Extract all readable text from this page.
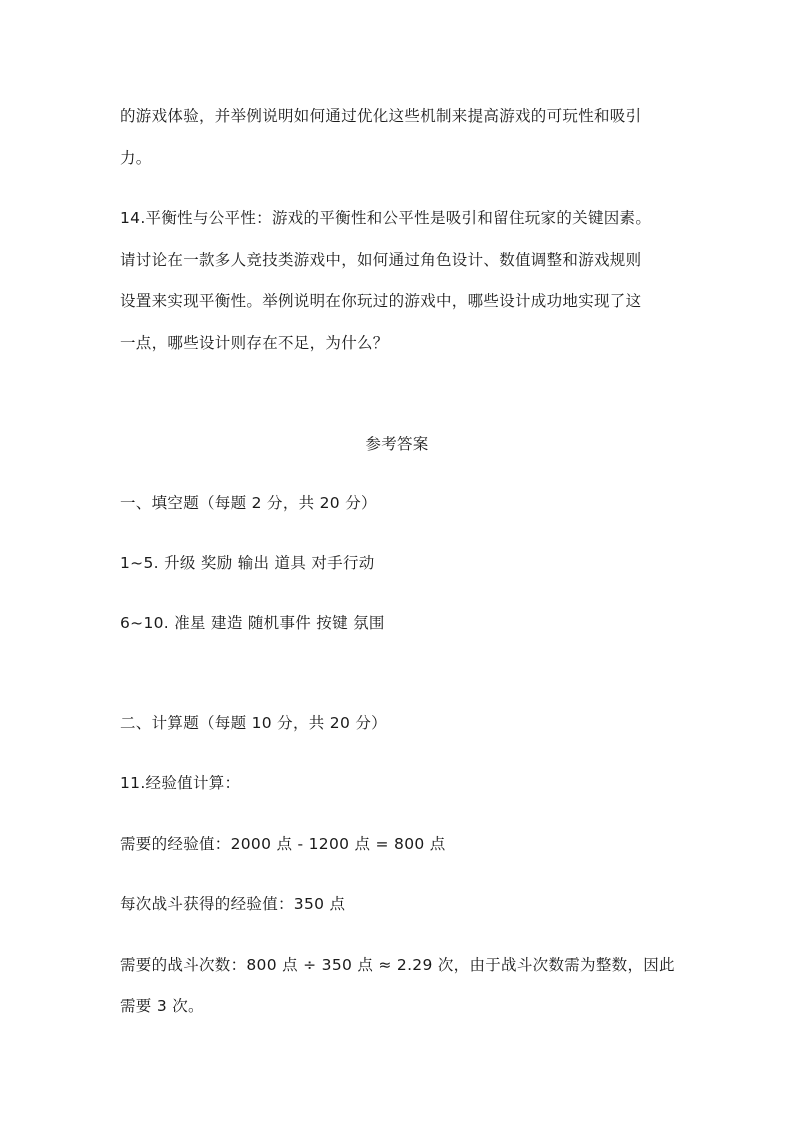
的游戏体验，并举例说明如何通过优化这些机制来提高游戏的可玩性和吸引
力。
14.平衡性与公平性：游戏的平衡性和公平性是吸引和留住玩家的关键因素。
请讨论在一款多人竞技类游戏中，如何通过角色设计、数值调整和游戏规则
设置来实现平衡性。举例说明在你玩过的游戏中，哪些设计成功地实现了这
一点，哪些设计则存在不足，为什么？
参考答案
一、填空题（每题 2 分，共 20 分）
1~5. 升级 奖励 输出 道具 对手行动
6~10. 准星 建造 随机事件 按键 氛围
二、计算题（每题 10 分，共 20 分）
11.经验值计算：
需要的经验值：2000 点 - 1200 点 = 800 点
每次战斗获得的经验值：350 点
需要的战斗次数：800 点 ÷ 350 点 ≈ 2.29 次，由于战斗次数需为整数，因此
需要 3 次。
